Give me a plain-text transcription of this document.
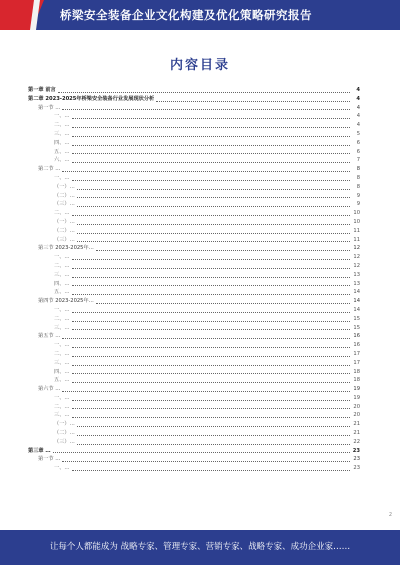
桥梁安全装备企业文化构建及优化策略研究报告
内容目录
第一章 前言	4
第二章 2023-2025年桥梁安全装备行业发展现状分析	4
第一节 …	4
一、…	4
二、…	4
三、…	5
四、…	6
五、…	6
六、…	7
第二节 …	8
一、…	8
（一）…	8
（二）…	9
（三）…	9
二、…	10
（一）…	10
（二）…	11
（三）…	11
第三节 2023-2025年…	12
一、…	12
二、…	12
三、…	13
四、…	13
五、…	14
第四节 2023-2025年…	14
一、…	14
二、…	15
三、…	15
第五节 …	16
一、…	16
二、…	17
三、…	17
四、…	18
五、…	18
第六节 …	19
一、…	19
二、…	20
三、…	20
（一）…	21
（二）…	21
（三）…	22
第三章 …	23
第一节 …	23
一、…	23
2
让每个人都能成为 战略专家、管理专家、营销专家、战略专家、成功企业家……
